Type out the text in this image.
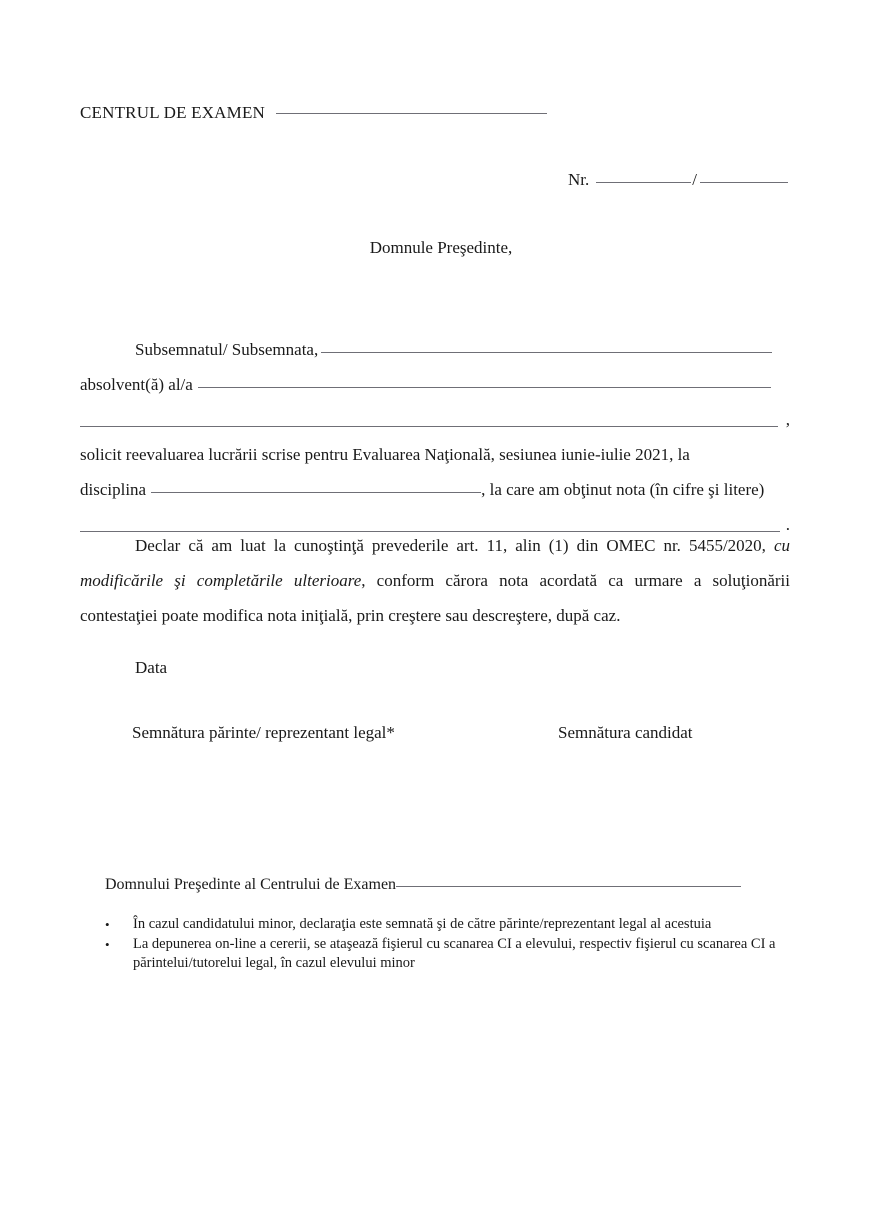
CENTRUL DE EXAMEN
Nr.	/
Domnule Preşedinte,
Subsemnatul/ Subsemnata,
absolvent(ă) al/a
,
solicit reevaluarea lucrării scrise pentru Evaluarea Naţională, sesiunea iunie-iulie 2021, la
disciplina	, la care am obţinut nota (în cifre şi litere)
.
Declar că am luat la cunoştinţă prevederile art. 11, alin (1) din OMEC nr. 5455/2020, cu modificările şi completările ulterioare, conform cărora nota acordată ca urmare a soluţionării contestaţiei poate modifica nota iniţială, prin creştere sau descreştere, după caz.
Data
Semnătura părinte/ reprezentant legal*	Semnătura candidat
Domnului Preşedinte al Centrului de Examen
• În cazul candidatului minor, declaraţia este semnată şi de către părinte/reprezentant legal al acestuia
• La depunerea on-line a cererii, se ataşează fişierul cu scanarea CI a elevului, respectiv fişierul cu scanarea CI a părintelui/tutorelui legal, în cazul elevului minor
